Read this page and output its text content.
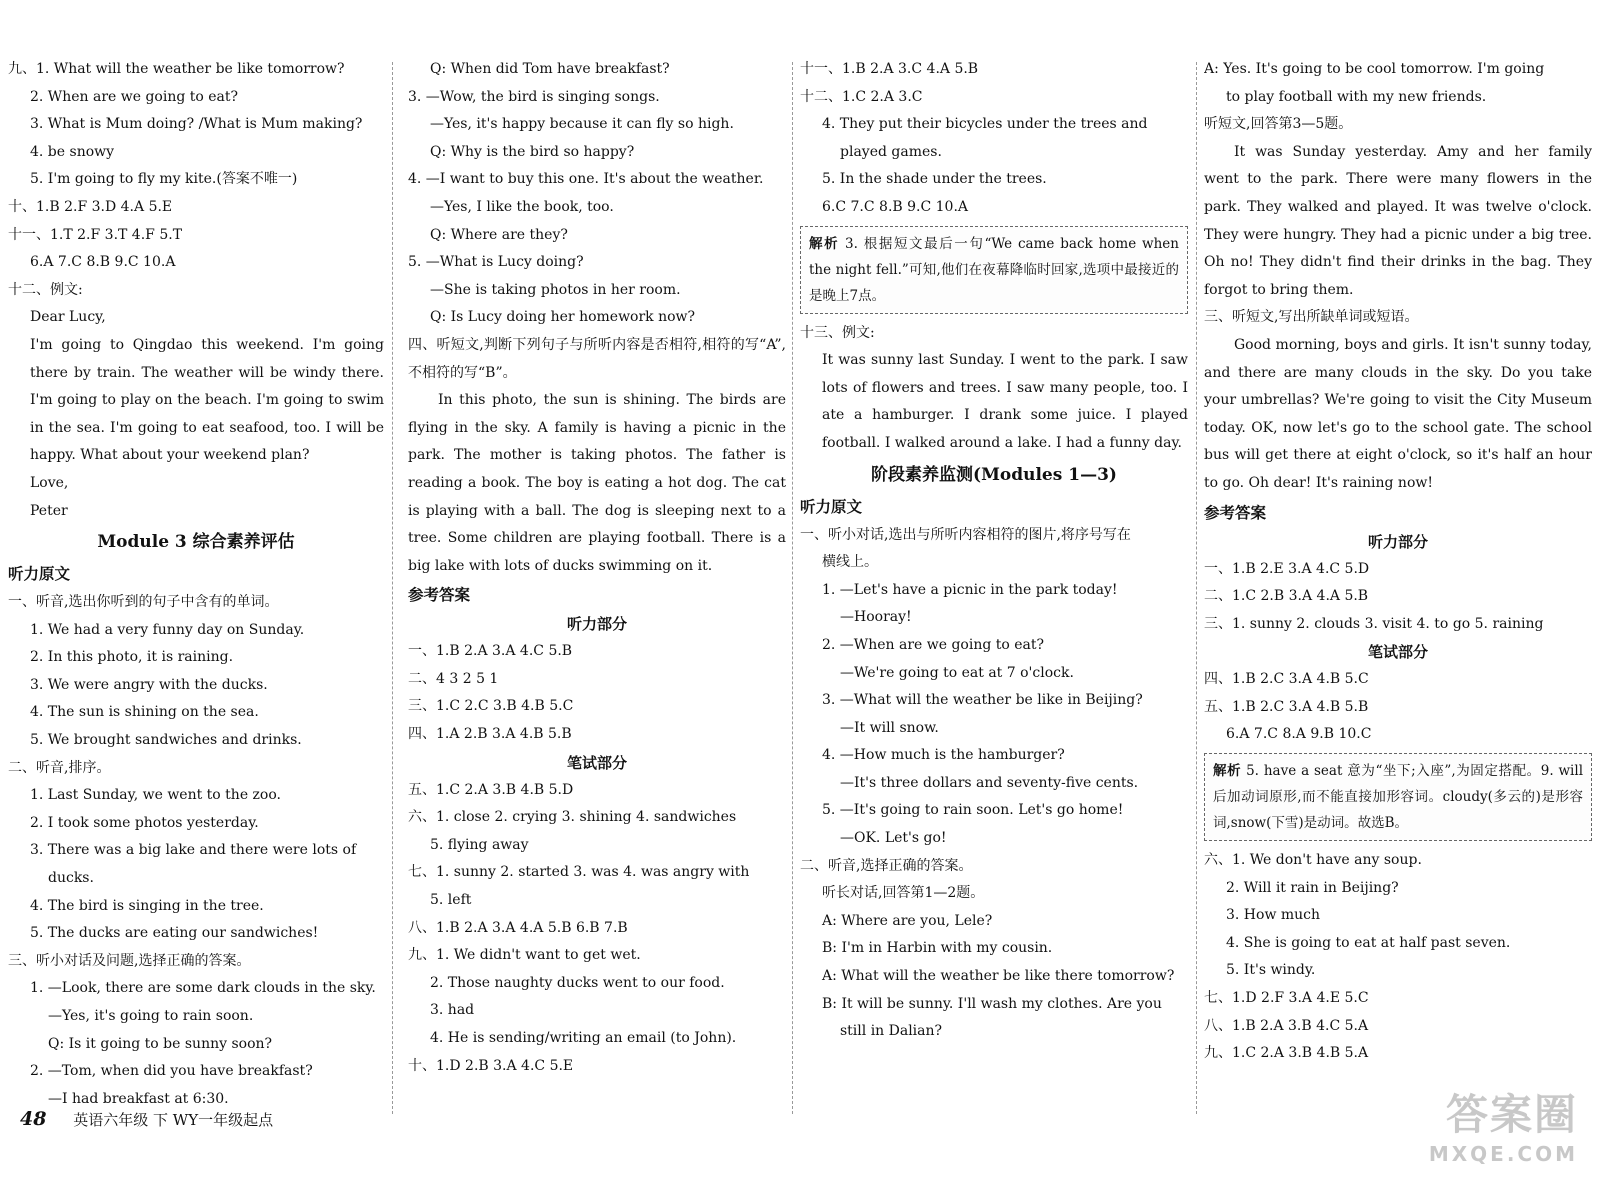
九、1. What will the weather be like tomorrow?
2. When are we going to eat?
3. What is Mum doing? /What is Mum making?
4. be snowy
5. I'm going to fly my kite.(答案不唯一)
十、1.B 2.F 3.D 4.A 5.E
十一、1.T 2.F 3.T 4.F 5.T
6.A 7.C 8.B 9.C 10.A
十二、例文:
Dear Lucy,
I'm going to Qingdao this weekend. I'm going there by train. The weather will be windy there. I'm going to play on the beach. I'm going to swim in the sea. I'm going to eat seafood, too. I will be happy. What about your weekend plan?
Love,
Peter
Module 3 综合素养评估
听力原文
一、听音,选出你听到的句子中含有的单词。
1. We had a very funny day on Sunday.
2. In this photo, it is raining.
3. We were angry with the ducks.
4. The sun is shining on the sea.
5. We brought sandwiches and drinks.
二、听音,排序。
1. Last Sunday, we went to the zoo.
2. I took some photos yesterday.
3. There was a big lake and there were lots of
ducks.
4. The bird is singing in the tree.
5. The ducks are eating our sandwiches!
三、听小对话及问题,选择正确的答案。
1. —Look, there are some dark clouds in the sky.
—Yes, it's going to rain soon.
Q: Is it going to be sunny soon?
2. —Tom, when did you have breakfast?
—I had breakfast at 6:30.
Q: When did Tom have breakfast?
3. —Wow, the bird is singing songs.
—Yes, it's happy because it can fly so high.
Q: Why is the bird so happy?
4. —I want to buy this one. It's about the weather.
—Yes, I like the book, too.
Q: Where are they?
5. —What is Lucy doing?
—She is taking photos in her room.
Q: Is Lucy doing her homework now?
四、听短文,判断下列句子与所听内容是否相符,相符的写“A”,不相符的写“B”。
In this photo, the sun is shining. The birds are flying in the sky. A family is having a picnic in the park. The mother is taking photos. The father is reading a book. The boy is eating a hot dog. The cat is playing with a ball. The dog is sleeping next to a tree. Some children are playing football. There is a big lake with lots of ducks swimming on it.
参考答案
听力部分
一、1.B 2.A 3.A 4.C 5.B
二、4 3 2 5 1
三、1.C 2.C 3.B 4.B 5.C
四、1.A 2.B 3.A 4.B 5.B
笔试部分
五、1.C 2.A 3.B 4.B 5.D
六、1. close 2. crying 3. shining 4. sandwiches
5. flying away
七、1. sunny 2. started 3. was 4. was angry with
5. left
八、1.B 2.A 3.A 4.A 5.B 6.B 7.B
九、1. We didn't want to get wet.
2. Those naughty ducks went to our food.
3. had
4. He is sending/writing an email (to John).
十、1.D 2.B 3.A 4.C 5.E
十一、1.B 2.A 3.C 4.A 5.B
十二、1.C 2.A 3.C
4. They put their bicycles under the trees and
played games.
5. In the shade under the trees.
6.C 7.C 8.B 9.C 10.A
解析 3. 根据短文最后一句“We came back home when the night fell.”可知,他们在夜幕降临时回家,选项中最接近的是晚上7点。
十三、例文:
It was sunny last Sunday. I went to the park. I saw lots of flowers and trees. I saw many people, too. I ate a hamburger. I drank some juice. I played football. I walked around a lake. I had a funny day.
阶段素养监测(Modules 1—3)
听力原文
一、听小对话,选出与所听内容相符的图片,将序号写在
横线上。
1. —Let's have a picnic in the park today!
—Hooray!
2. —When are we going to eat?
—We're going to eat at 7 o'clock.
3. —What will the weather be like in Beijing?
—It will snow.
4. —How much is the hamburger?
—It's three dollars and seventy-five cents.
5. —It's going to rain soon. Let's go home!
—OK. Let's go!
二、听音,选择正确的答案。
听长对话,回答第1—2题。
A: Where are you, Lele?
B: I'm in Harbin with my cousin.
A: What will the weather be like there tomorrow?
B: It will be sunny. I'll wash my clothes. Are you
still in Dalian?
A: Yes. It's going to be cool tomorrow. I'm going
to play football with my new friends.
听短文,回答第3—5题。
It was Sunday yesterday. Amy and her family went to the park. There were many flowers in the park. They walked and played. It was twelve o'clock. They were hungry. They had a picnic under a big tree. Oh no! They didn't find their drinks in the bag. They forgot to bring them.
三、听短文,写出所缺单词或短语。
Good morning, boys and girls. It isn't sunny today, and there are many clouds in the sky. Do you take your umbrellas? We're going to visit the City Museum today. OK, now let's go to the school gate. The school bus will get there at eight o'clock, so it's half an hour to go. Oh dear! It's raining now!
参考答案
听力部分
一、1.B 2.E 3.A 4.C 5.D
二、1.C 2.B 3.A 4.A 5.B
三、1. sunny 2. clouds 3. visit 4. to go 5. raining
笔试部分
四、1.B 2.C 3.A 4.B 5.C
五、1.B 2.C 3.A 4.B 5.B
6.A 7.C 8.A 9.B 10.C
解析 5. have a seat 意为“坐下;入座”,为固定搭配。9. will 后加动词原形,而不能直接加形容词。cloudy(多云的)是形容词,snow(下雪)是动词。故选B。
六、1. We don't have any soup.
2. Will it rain in Beijing?
3. How much
4. She is going to eat at half past seven.
5. It's windy.
七、1.D 2.F 3.A 4.E 5.C
八、1.B 2.A 3.B 4.C 5.A
九、1.C 2.A 3.B 4.B 5.A
48 英语六年级 下 WY一年级起点	答案圈
MXQE.COM
